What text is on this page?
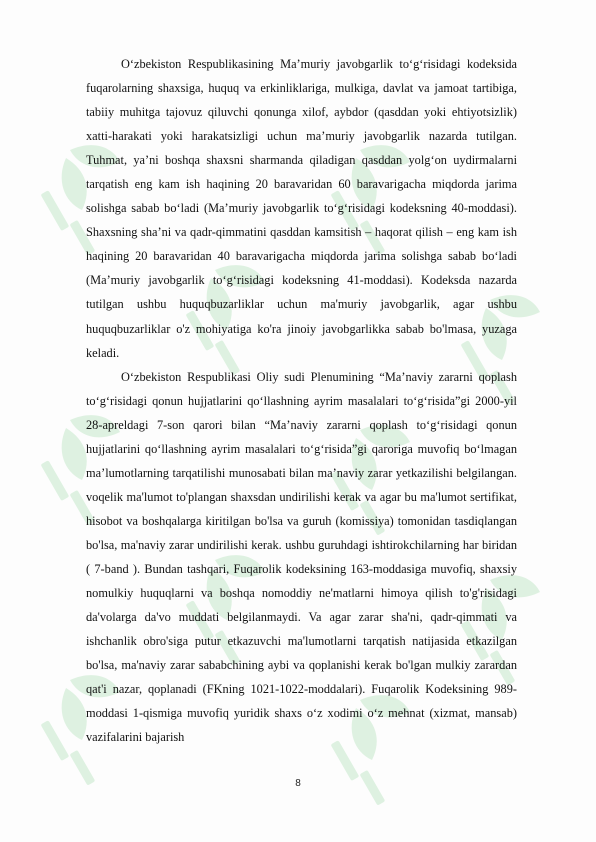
O‘zbekiston Respublikasining Ma’muriy javobgarlik to‘g‘risidagi kodeksida fuqarolarning shaxsiga, huquq va erkinliklariga, mulkiga, davlat va jamoat tartibiga, tabiiy muhitga tajovuz qiluvchi qonunga xilof, aybdor (qasddan yoki ehtiyotsizlik) xatti-harakati yoki harakatsizligi uchun ma’muriy javobgarlik nazarda tutilgan. Tuhmat, ya’ni boshqa shaxsni sharmanda qiladigan qasddan yolg‘on uydirmalarni tarqatish eng kam ish haqining 20 baravaridan 60 baravarigacha miqdorda jarima solishga sabab bo‘ladi (Ma’muriy javobgarlik to‘g‘risidagi kodeksning 40-moddasi). Shaxsning sha’ni va qadr-qimmatini qasddan kamsitish – haqorat qilish – eng kam ish haqining 20 baravaridan 40 baravarigacha miqdorda jarima solishga sabab bo‘ladi (Ma’muriy javobgarlik to‘g‘risidagi kodeksning 41-moddasi). Kodeksda nazarda tutilgan ushbu huquqbuzarliklar uchun ma'muriy javobgarlik, agar ushbu huquqbuzarliklar o'z mohiyatiga ko'ra jinoiy javobgarlikka sabab bo'lmasa, yuzaga keladi.

O‘zbekiston Respublikasi Oliy sudi Plenumining “Ma’naviy zararni qoplash to‘g‘risidagi qonun hujjatlarini qo‘llashning ayrim masalalari to‘g‘risida”gi 2000-yil 28-apreldagi 7-son qarori bilan “Ma’naviy zararni qoplash to‘g‘risidagi qonun hujjatlarini qo‘llashning ayrim masalalari to‘g‘risida”gi qaroriga muvofiq bo‘lmagan ma’lumotlarning tarqatilishi munosabati bilan ma’naviy zarar yetkazilishi belgilangan. voqelik ma'lumot to'plangan shaxsdan undirilishi kerak va agar bu ma'lumot sertifikat, hisobot va boshqalarga kiritilgan bo'lsa va guruh (komissiya) tomonidan tasdiqlangan bo'lsa, ma'naviy zarar undirilishi kerak. ushbu guruhdagi ishtirokchilarning har biridan ( 7-band ). Bundan tashqari, Fuqarolik kodeksining 163-moddasiga muvofiq, shaxsiy nomulkiy huquqlarni va boshqa nomoddiy ne'matlarni himoya qilish to'g'risidagi da'volarga da'vo muddati belgilanmaydi. Va agar zarar sha'ni, qadr-qimmati va ishchanlik obro'siga putur etkazuvchi ma'lumotlarni tarqatish natijasida etkazilgan bo'lsa, ma'naviy zarar sababchining aybi va qoplanishi kerak bo'lgan mulkiy zarardan qat'i nazar, qoplanadi (FKning 1021-1022-moddalari). Fuqarolik Kodeksining 989-moddasi 1-qismiga muvofiq yuridik shaxs o‘z xodimi o‘z mehnat (xizmat, mansab) vazifalarini bajarish

8
